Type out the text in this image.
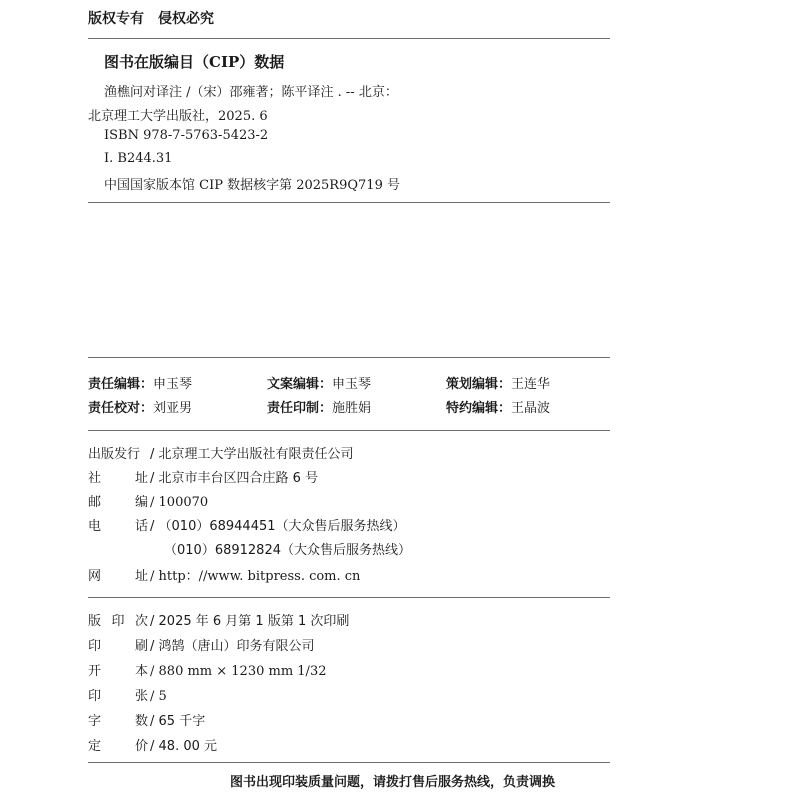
版权专有 侵权必究
图书在版编目（CIP）数据
渔樵问对译注 /（宋）邵雍著；陈平译注 . -- 北京：
北京理工大学出版社，2025. 6
ISBN 978-7-5763-5423-2
Ⅰ. B244.31
中国国家版本馆 CIP 数据核字第 2025R9Q719 号
责任编辑：申玉琴	文案编辑：申玉琴	策划编辑：王连华
责任校对：刘亚男	责任印制：施胜娟	特约编辑：王晶波
出版发行 / 北京理工大学出版社有限责任公司
社	址 / 北京市丰台区四合庄路 6 号
邮	编 / 100070
电	话 / （010）68944451（大众售后服务热线）
（010）68912824（大众售后服务热线）
网	址 / http：//www. bitpress. com. cn
版 印 次 / 2025 年 6 月第 1 版第 1 次印刷
印	刷 / 鸿鹄（唐山）印务有限公司
开	本 / 880 mm × 1230 mm 1/32
印	张 / 5
字	数 / 65 千字
定	价 / 48. 00 元
图书出现印装质量问题，请拨打售后服务热线，负责调换
